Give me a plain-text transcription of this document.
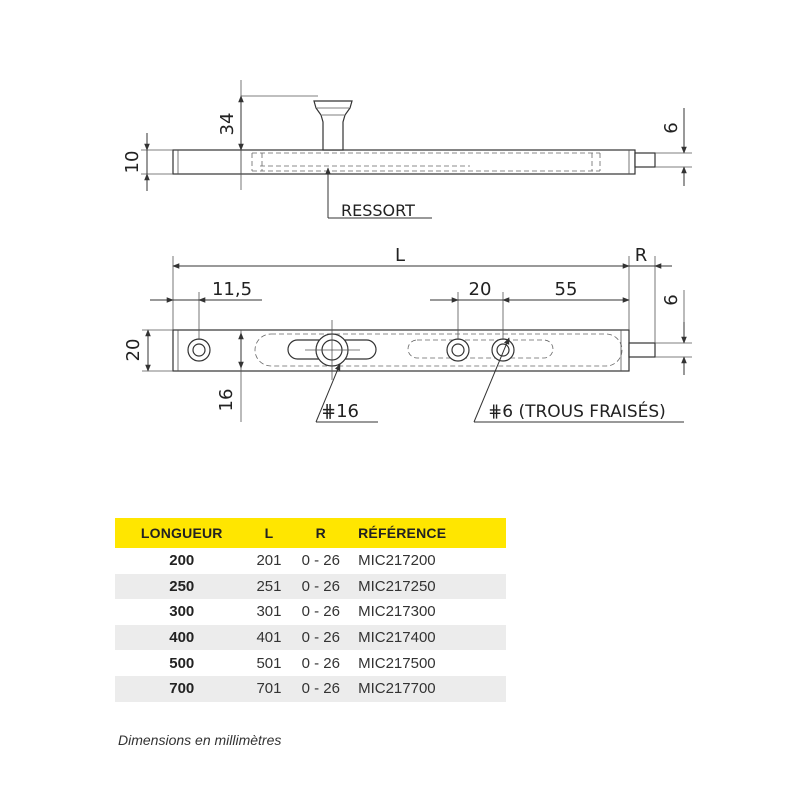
34
10
6
RESSORT
L	R
11,5	20	55
20
16
6
⋕16	⋕6 (TROUS FRAISÉS)
LONGUEUR	L	R	RÉFÉRENCE
200	201	0 - 26	MIC217200
250	251	0 - 26	MIC217250
300	301	0 - 26	MIC217300
400	401	0 - 26	MIC217400
500	501	0 - 26	MIC217500
700	701	0 - 26	MIC217700
Dimensions en millimètres
